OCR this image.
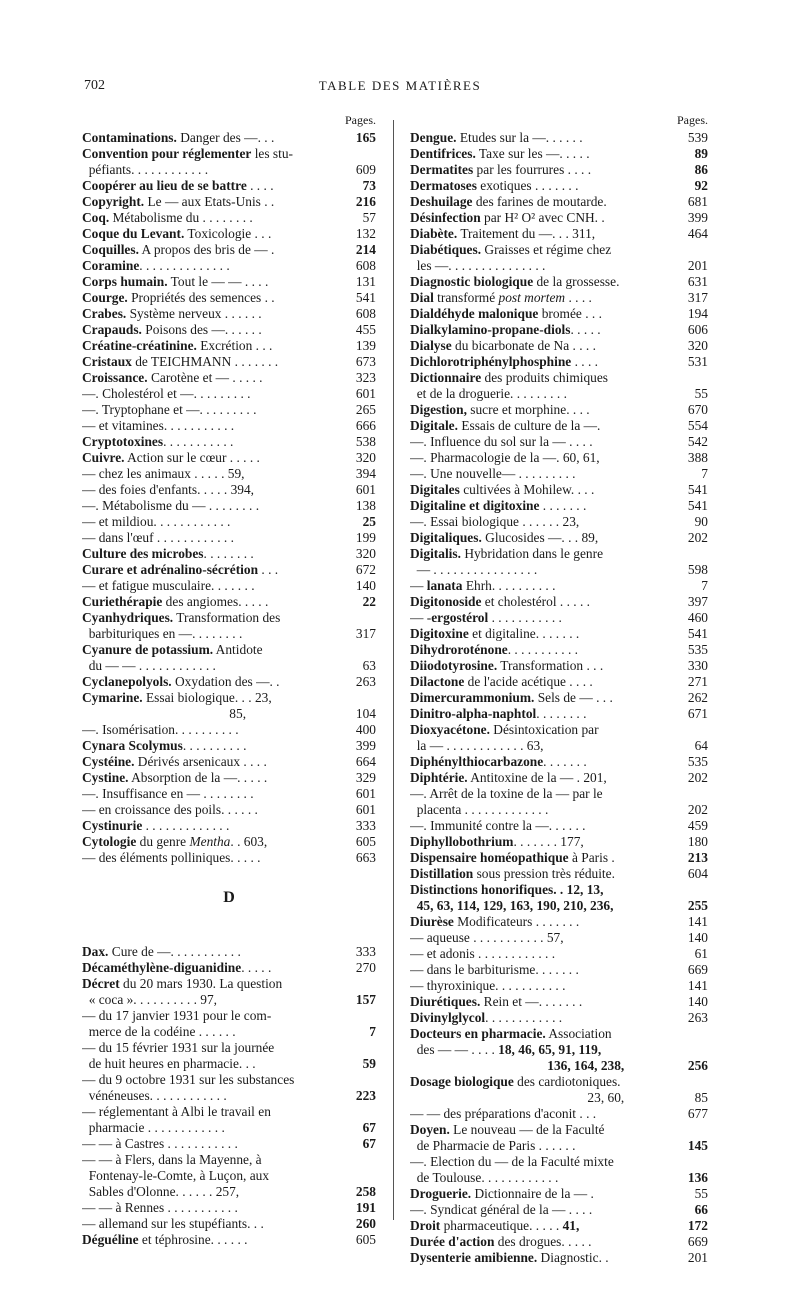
702	TABLE DES MATIÈRES
Pages.
Contaminations. Danger des —. . .	165
Convention pour réglementer les stu-
péfiants. . . . . . . . . . . .	609
Coopérer au lieu de se battre . . . .	73
Copyright. Le — aux Etats-Unis . .	216
Coq. Métabolisme du . . . . . . . .	57
Coque du Levant. Toxicologie . . .	132
Coquilles. A propos des bris de — .	214
Coramine. . . . . . . . . . . . . .	608
Corps humain. Tout le — — . . . .	131
Courge. Propriétés des semences . .	541
Crabes. Système nerveux . . . . . .	608
Crapauds. Poisons des —. . . . . .	455
Créatine-créatinine. Excrétion . . .	139
Cristaux de TEICHMANN . . . . . . .	673
Croissance. Carotène et — . . . . .	323
—. Cholestérol et —. . . . . . . . .	601
—. Tryptophane et —. . . . . . . . .	265
— et vitamines. . . . . . . . . . .	666
Cryptotoxines. . . . . . . . . . .	538
Cuivre. Action sur le cœur . . . . .	320
— chez les animaux . . . . . 59,	394
— des foies d'enfants. . . . . 394,	601
—. Métabolisme du — . . . . . . . .	138
— et mildiou. . . . . . . . . . . .	25
— dans l'œuf . . . . . . . . . . . .	199
Culture des microbes. . . . . . . .	320
Curare et adrénalino-sécrétion . . .	672
— et fatigue musculaire. . . . . . .	140
Curiethérapie des angiomes. . . . .	22
Cyanhydriques. Transformation des
barbituriques en —. . . . . . . .	317
Cyanure de potassium. Antidote
du — — . . . . . . . . . . . .	63
Cyclanepolyols. Oxydation des —. .	263
Cymarine. Essai biologique. . . 23,
85,	104
—. Isomérisation. . . . . . . . . .	400
Cynara Scolymus. . . . . . . . . .	399
Cystéine. Dérivés arsenicaux . . . .	664
Cystine. Absorption de la —. . . . .	329
—. Insuffisance en — . . . . . . . .	601
— en croissance des poils. . . . . .	601
Cystinurie . . . . . . . . . . . . .	333
Cytologie du genre Mentha. . 603,	605
— des éléments polliniques. . . . .	663
D
Dax. Cure de —. . . . . . . . . . .	333
Décaméthylène-diguanidine. . . . .	270
Décret du 20 mars 1930. La question
« coca ». . . . . . . . . . 97,	157
— du 17 janvier 1931 pour le com-
merce de la codéine . . . . . .	7
— du 15 février 1931 sur la journée
de huit heures en pharmacie. . .	59
— du 9 octobre 1931 sur les substances
vénéneuses. . . . . . . . . . . .	223
— réglementant à Albi le travail en
pharmacie . . . . . . . . . . . .	67
— — à Castres . . . . . . . . . . .	67
— — à Flers, dans la Mayenne, à
Fontenay-le-Comte, à Luçon, aux
Sables d'Olonne. . . . . . 257,	258
— — à Rennes . . . . . . . . . . .	191
— allemand sur les stupéfiants. . .	260
Déguéline et téphrosine. . . . . .	605
Pages.
Dengue. Etudes sur la —. . . . . .	539
Dentifrices. Taxe sur les —. . . . .	89
Dermatites par les fourrures . . . .	86
Dermatoses exotiques . . . . . . .	92
Deshuilage des farines de moutarde.	681
Désinfection par H² O² avec CNH. .	399
Diabète. Traitement du —. . . 311,	464
Diabétiques. Graisses et régime chez
les —. . . . . . . . . . . . . . .	201
Diagnostic biologique de la grossesse.	631
Dial transformé post mortem . . . .	317
Dialdéhyde malonique bromée . . .	194
Dialkylamino-propane-diols. . . . .	606
Dialyse du bicarbonate de Na . . . .	320
Dichlorotriphénylphosphine . . . .	531
Dictionnaire des produits chimiques
et de la droguerie. . . . . . . . .	55
Digestion, sucre et morphine. . . .	670
Digitale. Essais de culture de la —.	554
—. Influence du sol sur la — . . . .	542
—. Pharmacologie de la —. 60, 61,	388
—. Une nouvelle— . . . . . . . . .	7
Digitales cultivées à Mohilew. . . .	541
Digitaline et digitoxine . . . . . . .	541
—. Essai biologique . . . . . . 23,	90
Digitaliques. Glucosides —. . . 89,	202
Digitalis. Hybridation dans le genre
— . . . . . . . . . . . . . . . .	598
— lanata Ehrh. . . . . . . . . .	7
Digitonoside et cholestérol . . . . .	397
— -ergostérol . . . . . . . . . . .	460
Digitoxine et digitaline. . . . . . .	541
Dihydroroténone. . . . . . . . . . .	535
Diiodotyrosine. Transformation . . .	330
Dilactone de l'acide acétique . . . .	271
Dimercurammonium. Sels de — . . .	262
Dinitro-alpha-naphtol. . . . . . . .	671
Dioxyacétone. Désintoxication par
la — . . . . . . . . . . . . 63,	64
Diphénylthiocarbazone. . . . . . .	535
Diphtérie. Antitoxine de la — . 201,	202
—. Arrêt de la toxine de la — par le
placenta . . . . . . . . . . . . .	202
—. Immunité contre la —. . . . . .	459
Diphyllobothrium. . . . . . . 177,	180
Dispensaire homéopathique à Paris .	213
Distillation sous pression très réduite.	604
Distinctions honorifiques. . 12, 13,
45, 63, 114, 129, 163, 190, 210, 236,	255
Diurèse Modificateurs . . . . . . .	141
— aqueuse . . . . . . . . . . . 57,	140
— et adonis . . . . . . . . . . . .	61
— dans le barbiturisme. . . . . . .	669
— thyroxinique. . . . . . . . . . .	141
Diurétiques. Rein et —. . . . . . .	140
Divinylglycol. . . . . . . . . . . .	263
Docteurs en pharmacie. Association
des — — . . . . 18, 46, 65, 91, 119,
136, 164, 238,	256
Dosage biologique des cardiotoniques.
23, 60,	85
— — des préparations d'aconit . . .	677
Doyen. Le nouveau — de la Faculté
de Pharmacie de Paris . . . . . .	145
—. Election du — de la Faculté mixte
de Toulouse. . . . . . . . . . . .	136
Droguerie. Dictionnaire de la — .	55
—. Syndicat général de la — . . . .	66
Droit pharmaceutique. . . . . 41,	172
Durée d'action des drogues. . . . .	669
Dysenterie amibienne. Diagnostic. .	201
